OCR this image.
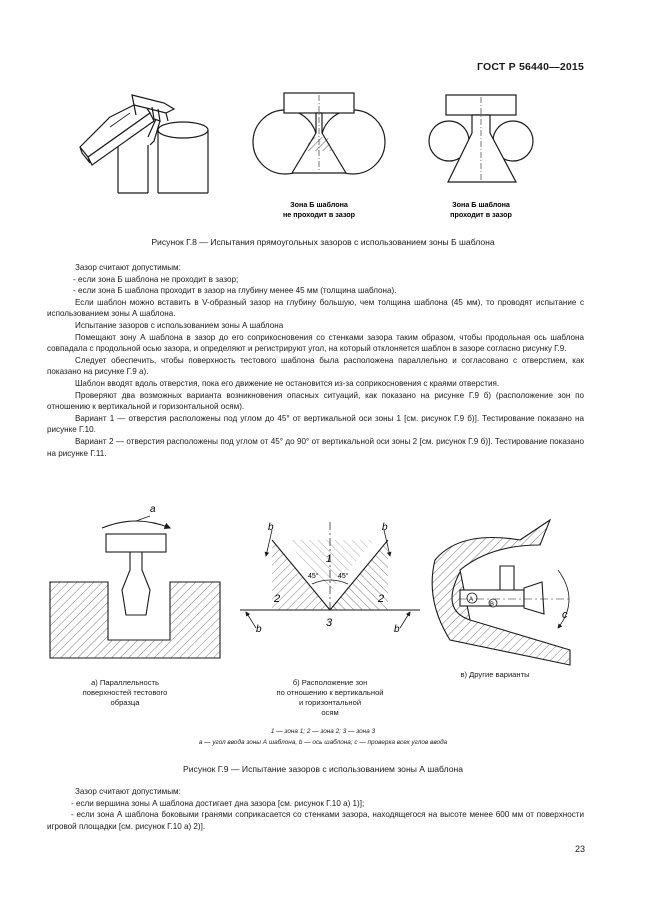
ГОСТ Р 56440—2015
Зона Б шаблона
не проходит в зазор
Зона Б шаблона
проходит в зазор
Рисунок Г.8 — Испытания прямоугольных зазоров с использованием зоны Б шаблона

Зазор считают допустимым:

- если зона Б шаблона не проходит в зазор;

- если зона Б шаблона проходит в зазор на глубину менее 45 мм (толщина шаблона).

Если шаблон можно вставить в V-образный зазор на глубину большую, чем толщина шаблона (45 мм), то проводят испытание с использованием зоны А шаблона.

Испытание зазоров с использованием зоны А шаблона

Помещают зону А шаблона в зазор до его соприкосновения со стенками зазора таким образом, чтобы продольная ось шаблона совпадала с продольной осью зазора, и определяют и регистрируют угол, на который отклоняется шаблон в зазоре согласно рисунку Г.9.

Следует обеспечить, чтобы поверхность тестового шаблона была расположена параллельно и согласовано с отверстием, как показано на рисунке Г.9 а).

Шаблон вводят вдоль отверстия, пока его движение не остановится из-за соприкосновения с краями отверстия.

Проверяют два возможных варианта возникновения опасных ситуаций, как показано на рисунке Г.9 б) (расположение зон по отношению к вертикальной и горизонтальной осям).

Вариант 1 — отверстия расположены под углом до 45° от вертикальной оси зоны 1 [см. рисунок Г.9 б)]. Тестирование показано на рисунке Г.10.

Вариант 2 — отверстия расположены под углом от 45° до 90° от вертикальной оси зоны 2 [см. рисунок Г.9 б)]. Тестирование показано на рисунке Г.11.

a
b	b
b	b
1
2	2
3
45°	45°
A
B
c
а) Параллельность
поверхностей тестового
образца
б) Расположение зон
по отношению к вертикальной
и горизонтальной
осям
в) Другие варианты
1 — зона 1; 2 — зона 2; 3 — зона 3
a — угол ввода зоны А шаблона, b — ось шаблона; c — проверка всех углов ввода
Рисунок Г.9 — Испытание зазоров с использованием зоны А шаблона

Зазор считают допустимым:

- если вершина зоны А шаблона достигает дна зазора [см. рисунок Г.10 а) 1)];

- если зона А шаблона боковыми гранями соприкасается со стенками зазора, находящегося на высоте менее 600 мм от поверхности игровой площадки [см. рисунок Г.10 а) 2)].

23
